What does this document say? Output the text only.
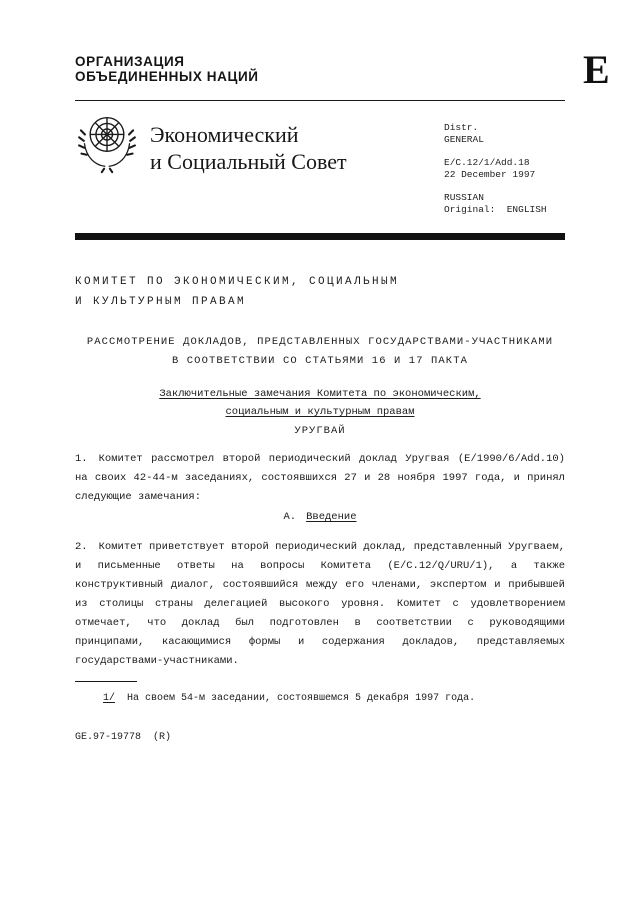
ОРГАНИЗАЦИЯ
ОБЪЕДИНЕННЫХ НАЦИЙ	E
Экономический
и Социальный Совет
Distr.
GENERAL
E/C.12/1/Add.18
22 December 1997
RUSSIAN
Original:  ENGLISH
КОМИТЕТ ПО ЭКОНОМИЧЕСКИМ, СОЦИАЛЬНЫМ
И КУЛЬТУРНЫМ ПРАВАМ
РАССМОТРЕНИЕ ДОКЛАДОВ, ПРЕДСТАВЛЕННЫХ ГОСУДАРСТВАМИ-УЧАСТНИКАМИ
В СООТВЕТСТВИИ СО СТАТЬЯМИ 16 И 17 ПАКТА
Заключительные замечания Комитета по экономическим,
социальным и культурным правам
УРУГВАЙ
1. Комитет рассмотрел второй периодический доклад Уругвая (E/1990/6/Add.10) на своих 42-44-м заседаниях, состоявшихся 27 и 28 ноября 1997 года, и принял следующие замечания:
A. Введение
2. Комитет приветствует второй периодический доклад, представленный Уругваем, и письменные ответы на вопросы Комитета (E/C.12/Q/URU/1), а также конструктивный диалог, состоявшийся между его членами, экспертом и прибывшей из столицы страны делегацией высокого уровня. Комитет с удовлетворением отмечает, что доклад был подготовлен в соответствии с руководящими принципами, касающимися формы и содержания докладов, представляемых государствами-участниками.
1/ На своем 54-м заседании, состоявшемся 5 декабря 1997 года.
GE.97-19778  (R)
